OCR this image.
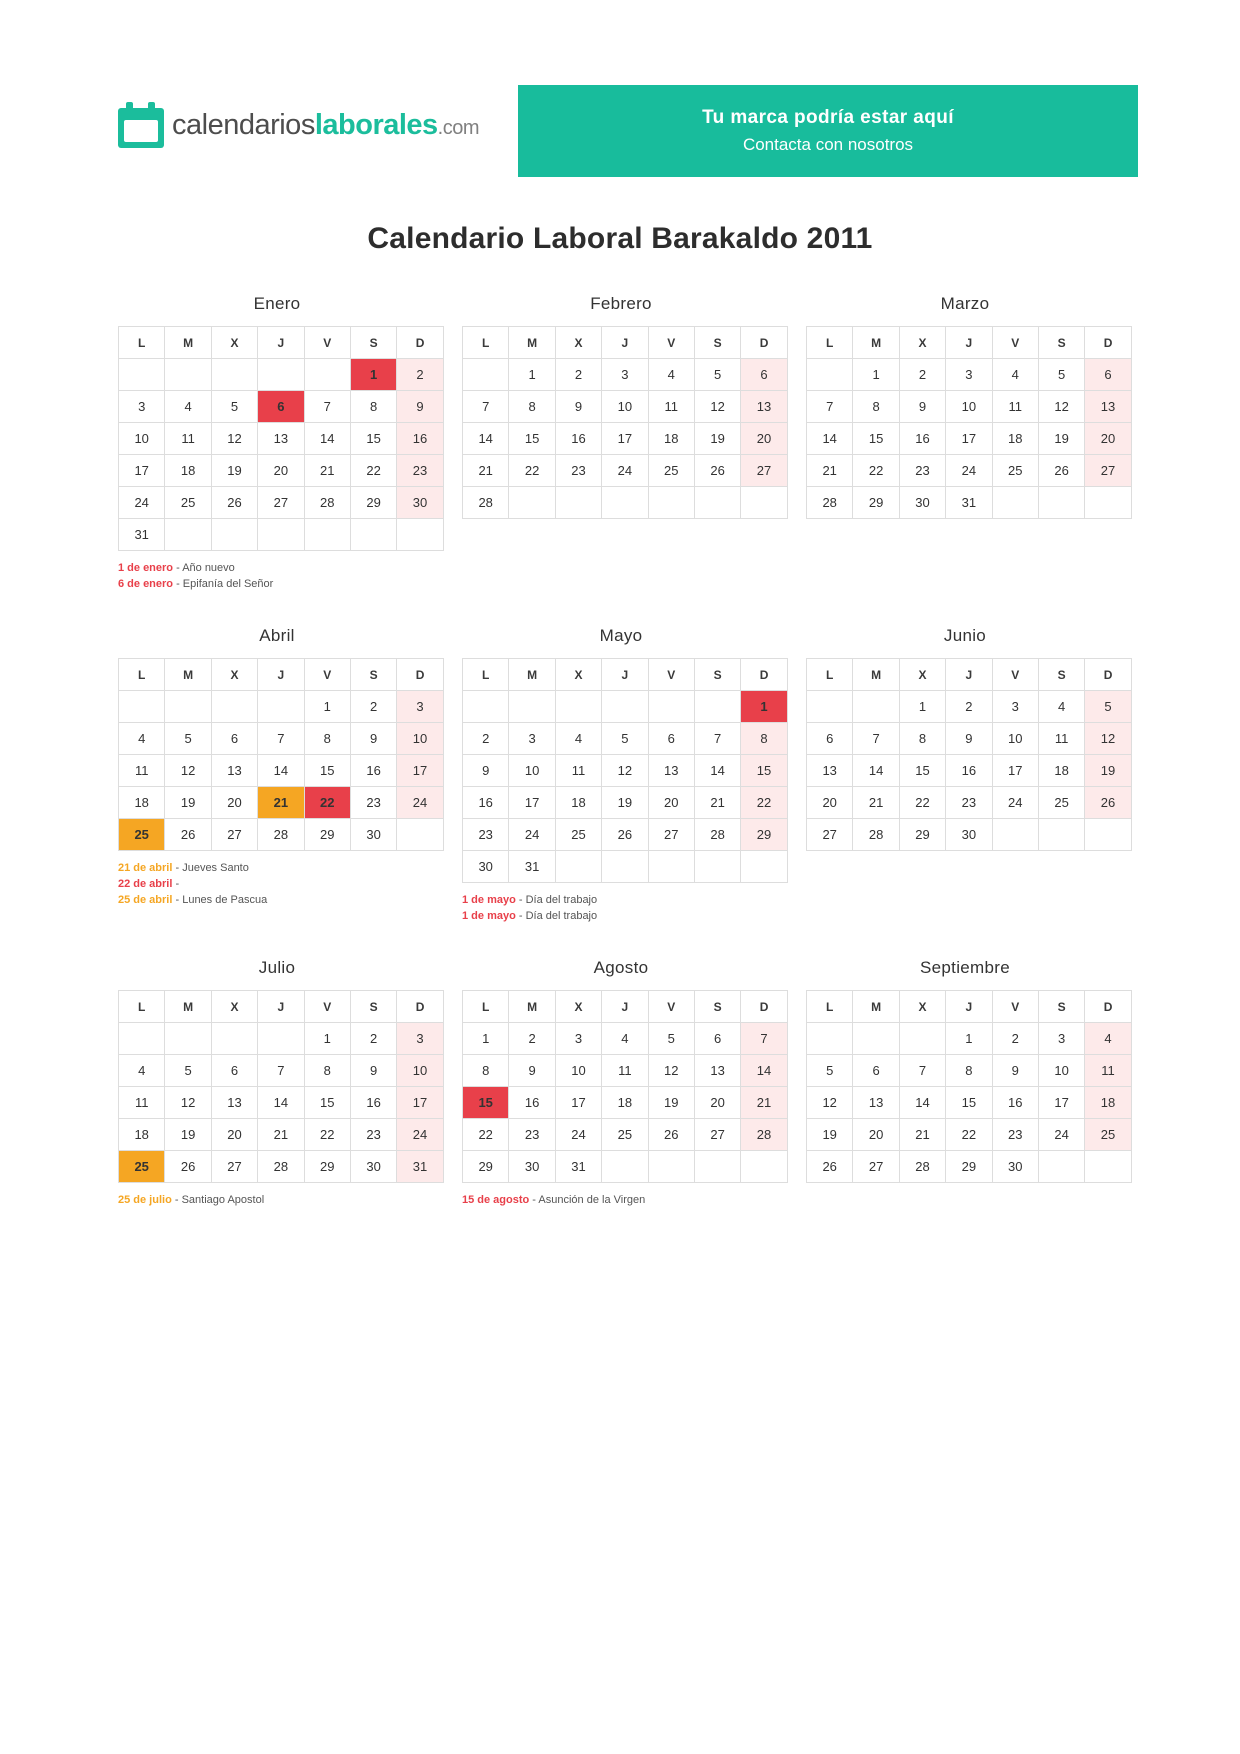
calendarioslaborales.com	Tu marca podría estar aquí
Contacta con nosotros
Calendario Laboral Barakaldo 2011
Enero
L	M	X	J	V	S	D
					1	2
3	4	5	6	7	8	9
10	11	12	13	14	15	16
17	18	19	20	21	22	23
24	25	26	27	28	29	30
31						
1 de enero - Año nuevo
6 de enero - Epifanía del Señor
Febrero
L	M	X	J	V	S	D
	1	2	3	4	5	6
7	8	9	10	11	12	13
14	15	16	17	18	19	20
21	22	23	24	25	26	27
28						
Marzo
L	M	X	J	V	S	D
	1	2	3	4	5	6
7	8	9	10	11	12	13
14	15	16	17	18	19	20
21	22	23	24	25	26	27
28	29	30	31			
Abril
L	M	X	J	V	S	D
				1	2	3
4	5	6	7	8	9	10
11	12	13	14	15	16	17
18	19	20	21	22	23	24
25	26	27	28	29	30	
21 de abril - Jueves Santo
22 de abril -
25 de abril - Lunes de Pascua
Mayo
L	M	X	J	V	S	D
						1
2	3	4	5	6	7	8
9	10	11	12	13	14	15
16	17	18	19	20	21	22
23	24	25	26	27	28	29
30	31					
1 de mayo - Día del trabajo
1 de mayo - Día del trabajo
Junio
L	M	X	J	V	S	D
		1	2	3	4	5
6	7	8	9	10	11	12
13	14	15	16	17	18	19
20	21	22	23	24	25	26
27	28	29	30			
Julio
L	M	X	J	V	S	D
				1	2	3
4	5	6	7	8	9	10
11	12	13	14	15	16	17
18	19	20	21	22	23	24
25	26	27	28	29	30	31
25 de julio - Santiago Apostol
Agosto
L	M	X	J	V	S	D
1	2	3	4	5	6	7
8	9	10	11	12	13	14
15	16	17	18	19	20	21
22	23	24	25	26	27	28
29	30	31				
15 de agosto - Asunción de la Virgen
Septiembre
L	M	X	J	V	S	D
			1	2	3	4
5	6	7	8	9	10	11
12	13	14	15	16	17	18
19	20	21	22	23	24	25
26	27	28	29	30		
